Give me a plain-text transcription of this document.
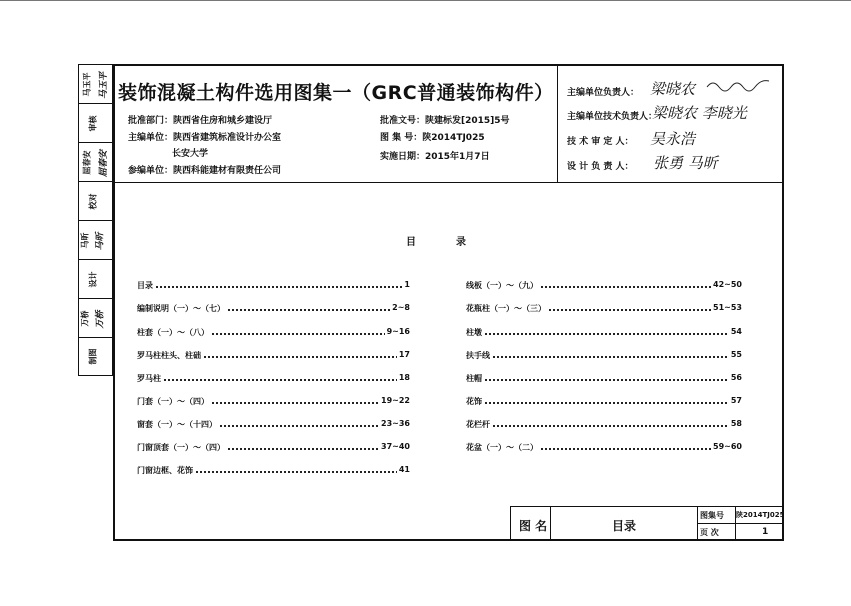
马玉平 马玉平
审核
屈春安 屈春安
校对
马昕 马昕
设计
万桥 万桥
制图
装饰混凝土构件选用图集一（GRC普通装饰构件）
批准部门：陕西省住房和城乡建设厅
主编单位：陕西省建筑标准设计办公室
长安大学
参编单位：陕西科能建材有限责任公司
批准文号：陕建标发[2015]5号
图 集 号：陕2014TJ025
实施日期：2015年1月7日
主编单位负责人： 梁晓农
主编单位技术负责人：
梁晓农 李晓光
技 术 审 定 人： 吴永浩
设 计 负 责 人： 张勇 马昕
目录
目录	1
编制说明（一）～（七）	2~8
柱套（一）～（八）	9~16
罗马柱柱头、柱础	17
罗马柱	18
门套（一）～（四）	19~22
窗套（一）～（十四）	23~36
门窗顶套（一）～（四）	37~40
门窗边框、花饰	41
线板（一）～（九）	42~50
花瓶柱（一）～（三）	51~53
柱墩	54
扶手线	55
柱帽	56
花饰	57
花栏杆	58
花盆（一）～（二）	59~60
图 名	目录
图集号 陕2014TJ025
页 次	1
